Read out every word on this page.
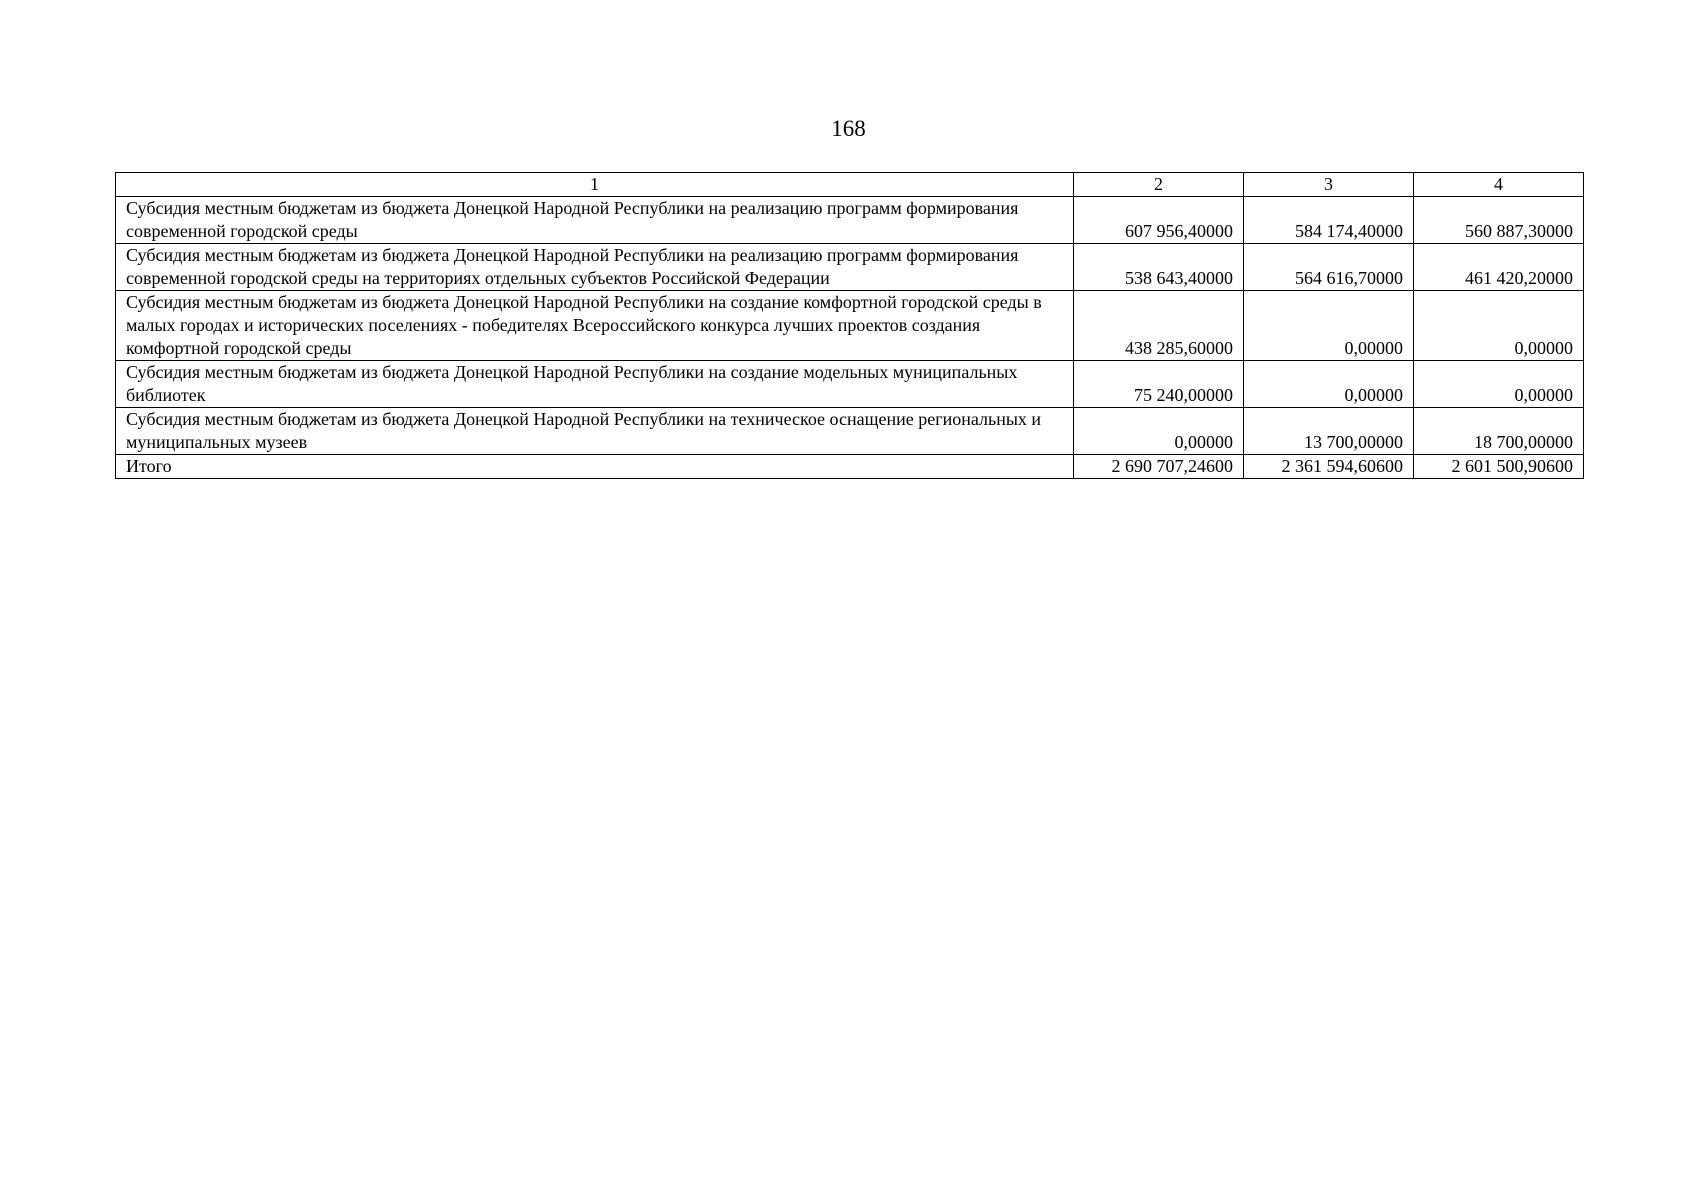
168
1	2	3	4
Субсидия местным бюджетам из бюджета Донецкой Народной Республики на реализацию программ формирования современной городской среды	607 956,40000	584 174,40000	560 887,30000
Субсидия местным бюджетам из бюджета Донецкой Народной Республики на реализацию программ формирования современной городской среды на территориях отдельных субъектов Российской Федерации	538 643,40000	564 616,70000	461 420,20000
Субсидия местным бюджетам из бюджета Донецкой Народной Республики на создание комфортной городской среды в малых городах и исторических поселениях - победителях Всероссийского конкурса лучших проектов создания комфортной городской среды	438 285,60000	0,00000	0,00000
Субсидия местным бюджетам из бюджета Донецкой Народной Республики на создание модельных муниципальных библиотек	75 240,00000	0,00000	0,00000
Субсидия местным бюджетам из бюджета Донецкой Народной Республики на техническое оснащение региональных и муниципальных музеев	0,00000	13 700,00000	18 700,00000
Итого	2 690 707,24600	2 361 594,60600	2 601 500,90600
